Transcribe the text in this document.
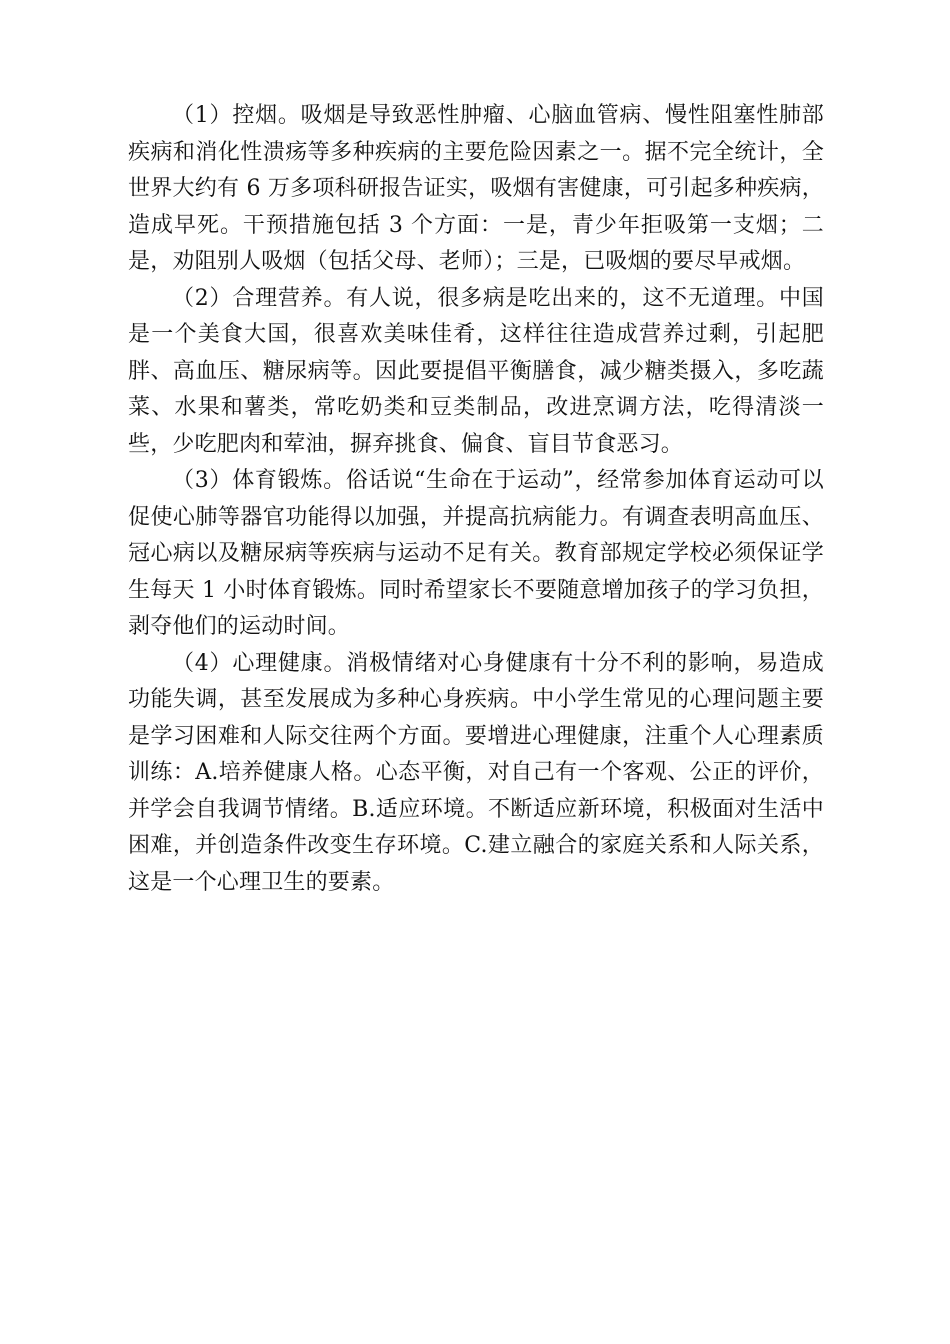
（1）控烟。吸烟是导致恶性肿瘤、心脑血管病、慢性阻塞性肺部疾病和消化性溃疡等多种疾病的主要危险因素之一。据不完全统计，全世界大约有 6 万多项科研报告证实，吸烟有害健康，可引起多种疾病，造成早死。干预措施包括 3 个方面：一是，青少年拒吸第一支烟；二是，劝阻别人吸烟（包括父母、老师）；三是，已吸烟的要尽早戒烟。

（2）合理营养。有人说，很多病是吃出来的，这不无道理。中国是一个美食大国，很喜欢美味佳肴，这样往往造成营养过剩，引起肥胖、高血压、糖尿病等。因此要提倡平衡膳食，减少糖类摄入，多吃蔬菜、水果和薯类，常吃奶类和豆类制品，改进烹调方法，吃得清淡一些，少吃肥肉和荤油，摒弃挑食、偏食、盲目节食恶习。

（3）体育锻炼。俗话说“生命在于运动”，经常参加体育运动可以促使心肺等器官功能得以加强，并提高抗病能力。有调查表明高血压、冠心病以及糖尿病等疾病与运动不足有关。教育部规定学校必须保证学生每天 1 小时体育锻炼。同时希望家长不要随意增加孩子的学习负担，剥夺他们的运动时间。

（4）心理健康。消极情绪对心身健康有十分不利的影响，易造成功能失调，甚至发展成为多种心身疾病。中小学生常见的心理问题主要是学习困难和人际交往两个方面。要增进心理健康，注重个人心理素质训练：A.培养健康人格。心态平衡，对自己有一个客观、公正的评价，并学会自我调节情绪。B.适应环境。不断适应新环境，积极面对生活中困难，并创造条件改变生存环境。C.建立融合的家庭关系和人际关系，这是一个心理卫生的要素。
